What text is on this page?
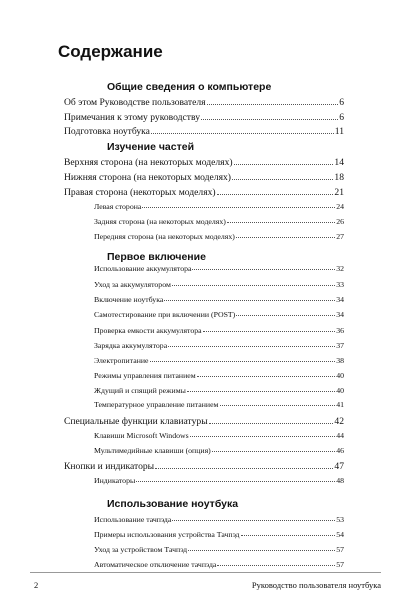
Содержание
Общие сведения о компьютере
Об этом Руководстве пользователя	6
Примечания к этому руководству	6
Подготовка ноутбука	11
Изучение частей
Верхняя сторона (на некоторых моделях)	14
Нижняя сторона (на некоторых моделях)	18
Правая сторона (некоторых моделях)	21
Левая сторона	24
Задняя сторона (на некоторых моделях)	26
Передняя сторона (на некоторых моделях)	27
Первое включение
Использование аккумулятора	32
Уход за аккумулятором	33
Включение ноутбука	34
Самотестирование при включении (POST)	34
Проверка емкости аккумулятора	36
Зарядка аккумулятора	37
Электропитание	38
Режимы управления питанием	40
Ждущий и спящий режимы	40
Температурное управление питанием	41
Специальные функции клавиатуры	42
Клавиши Microsoft Windows	44
Мультимедийные клавиши (опция)	46
Кнопки и индикаторы	47
Индикаторы	48
Использование ноутбука
Использование тачпэда	53
Примеры использования устройства Тачпэд	54
Уход за устройством Тачпэд	57
Автоматическое отключение тачпэда	57
2	Руководство пользователя ноутбука
